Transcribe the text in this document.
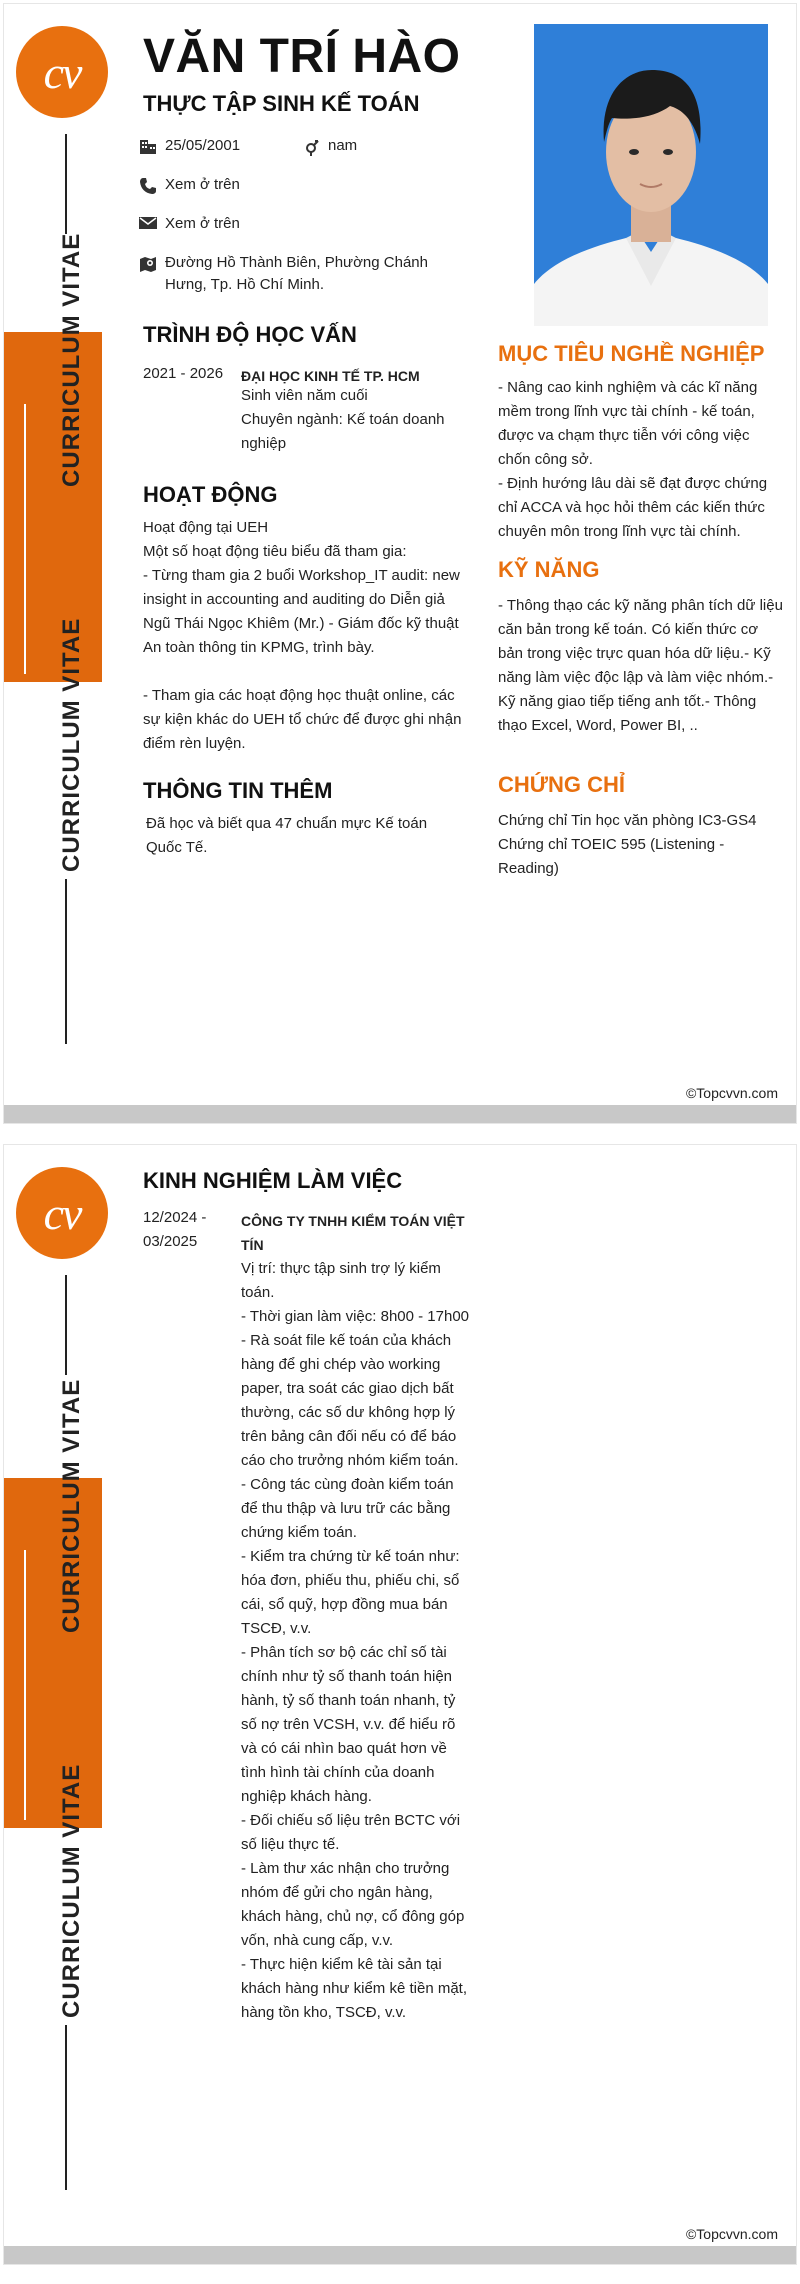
cv
CURRICULUM VITAE
CURRICULUM VITAE
VĂN TRÍ HÀO
THỰC TẬP SINH KẾ TOÁN
25/05/2001	nam
Xem ở trên
Xem ở trên
Đường Hồ Thành Biên, Phường Chánh Hưng, Tp. Hồ Chí Minh.
TRÌNH ĐỘ HỌC VẤN
2021 - 2026 ĐẠI HỌC KINH TẾ TP. HCM
Sinh viên năm cuối
Chuyên ngành: Kế toán doanh nghiệp
HOẠT ĐỘNG
Hoạt động tại UEH
Một số hoạt động tiêu biểu đã tham gia:
- Từng tham gia 2 buổi Workshop_IT audit: new insight in accounting and auditing do Diễn giả Ngũ Thái Ngọc Khiêm (Mr.) - Giám đốc kỹ thuật An toàn thông tin KPMG, trình bày.
- Tham gia các hoạt động học thuật online, các sự kiện khác do UEH tổ chức để được ghi nhận điểm rèn luyện.
THÔNG TIN THÊM
Đã học và biết qua 47 chuẩn mực Kế toán Quốc Tế.
MỤC TIÊU NGHỀ NGHIỆP
- Nâng cao kinh nghiệm và các kĩ năng mềm trong lĩnh vực tài chính - kế toán, được va chạm thực tiễn với công việc chốn công sở.
- Định hướng lâu dài sẽ đạt được chứng chỉ ACCA và học hỏi thêm các kiến thức chuyên môn trong lĩnh vực tài chính.
KỸ NĂNG
- Thông thạo các kỹ năng phân tích dữ liệu căn bản trong kế toán. Có kiến thức cơ bản trong việc trực quan hóa dữ liệu.- Kỹ năng làm việc độc lập và làm việc nhóm.- Kỹ năng giao tiếp tiếng anh tốt.- Thông thạo Excel, Word, Power BI, ..
CHỨNG CHỈ
Chứng chỉ Tin học văn phòng IC3-GS4
Chứng chỉ TOEIC 595 (Listening - Reading)
©Topcvvn.com
cv
CURRICULUM VITAE
CURRICULUM VITAE
KINH NGHIỆM LÀM VIỆC
12/2024 - 03/2025
CÔNG TY TNHH KIỂM TOÁN VIỆT TÍN
Vị trí: thực tập sinh trợ lý kiểm toán.
- Thời gian làm việc: 8h00 - 17h00
- Rà soát file kế toán của khách hàng để ghi chép vào working paper, tra soát các giao dịch bất thường, các số dư không hợp lý trên bảng cân đối nếu có để báo cáo cho trưởng nhóm kiểm toán.
- Công tác cùng đoàn kiểm toán để thu thập và lưu trữ các bằng chứng kiểm toán.
- Kiểm tra chứng từ kế toán như: hóa đơn, phiếu thu, phiếu chi, sổ cái, sổ quỹ, hợp đồng mua bán TSCĐ, v.v.
- Phân tích sơ bộ các chỉ số tài chính như tỷ số thanh toán hiện hành, tỷ số thanh toán nhanh, tỷ số nợ trên VCSH, v.v. để hiểu rõ và có cái nhìn bao quát hơn về tình hình tài chính của doanh nghiệp khách hàng.
- Đối chiếu số liệu trên BCTC với số liệu thực tế.
- Làm thư xác nhận cho trưởng nhóm để gửi cho ngân hàng, khách hàng, chủ nợ, cổ đông góp vốn, nhà cung cấp, v.v.
- Thực hiện kiểm kê tài sản tại khách hàng như kiểm kê tiền mặt, hàng tồn kho, TSCĐ, v.v.
©Topcvvn.com
